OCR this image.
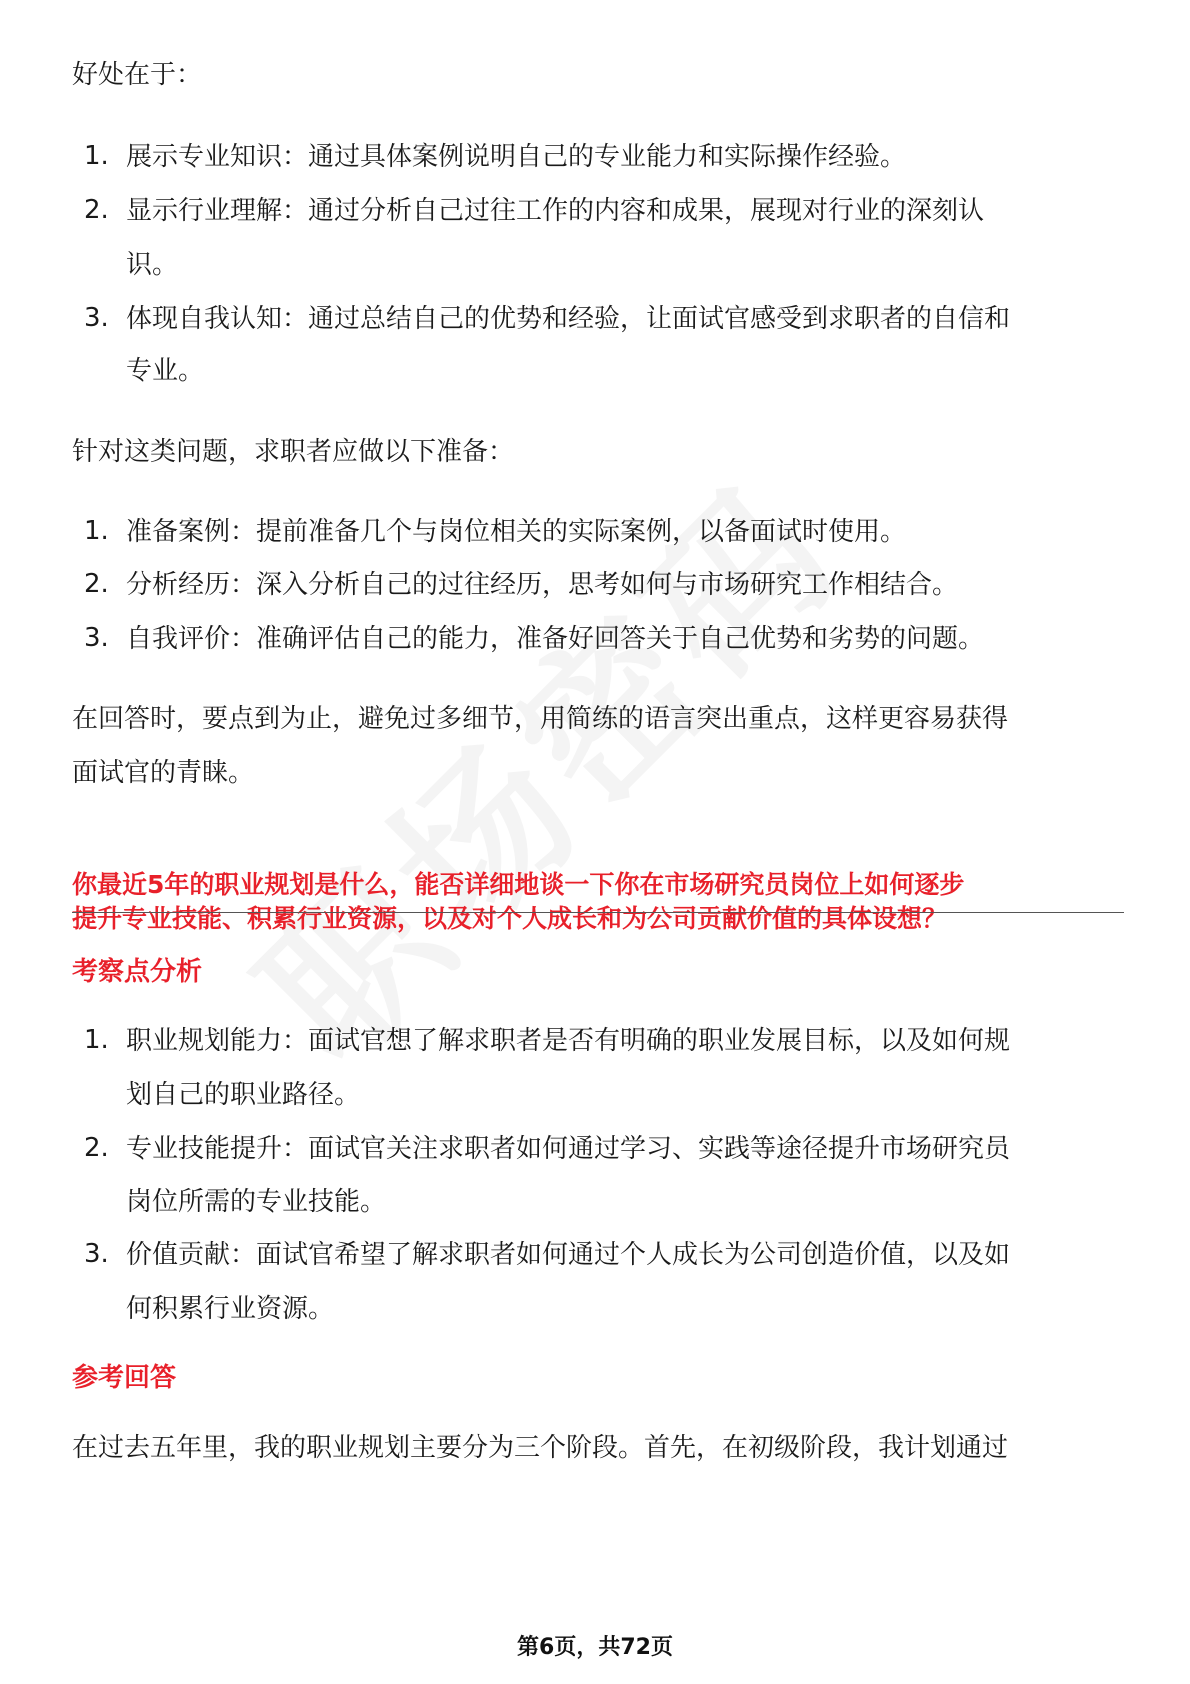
好处在于：

1. 展示专业知识：通过具体案例说明自己的专业能力和实际操作经验。

2. 显示行业理解：通过分析自己过往工作的内容和成果，展现对行业的深刻认

识。

3. 体现自我认知：通过总结自己的优势和经验，让面试官感受到求职者的自信和

专业。

针对这类问题，求职者应做以下准备：

1. 准备案例：提前准备几个与岗位相关的实际案例，以备面试时使用。

2. 分析经历：深入分析自己的过往经历，思考如何与市场研究工作相结合。

3. 自我评价：准确评估自己的能力，准备好回答关于自己优势和劣势的问题。

在回答时，要点到为止，避免过多细节，用简练的语言突出重点，这样更容易获得

面试官的青睐。

你最近5年的职业规划是什么，能否详细地谈一下你在市场研究员岗位上如何逐步

提升专业技能、积累行业资源，以及对个人成长和为公司贡献价值的具体设想？

考察点分析

1. 职业规划能力：面试官想了解求职者是否有明确的职业发展目标，以及如何规

划自己的职业路径。

2. 专业技能提升：面试官关注求职者如何通过学习、实践等途径提升市场研究员

岗位所需的专业技能。

3. 价值贡献：面试官希望了解求职者如何通过个人成长为公司创造价值，以及如

何积累行业资源。

参考回答

在过去五年里，我的职业规划主要分为三个阶段。首先，在初级阶段，我计划通过

第6页，共72页
